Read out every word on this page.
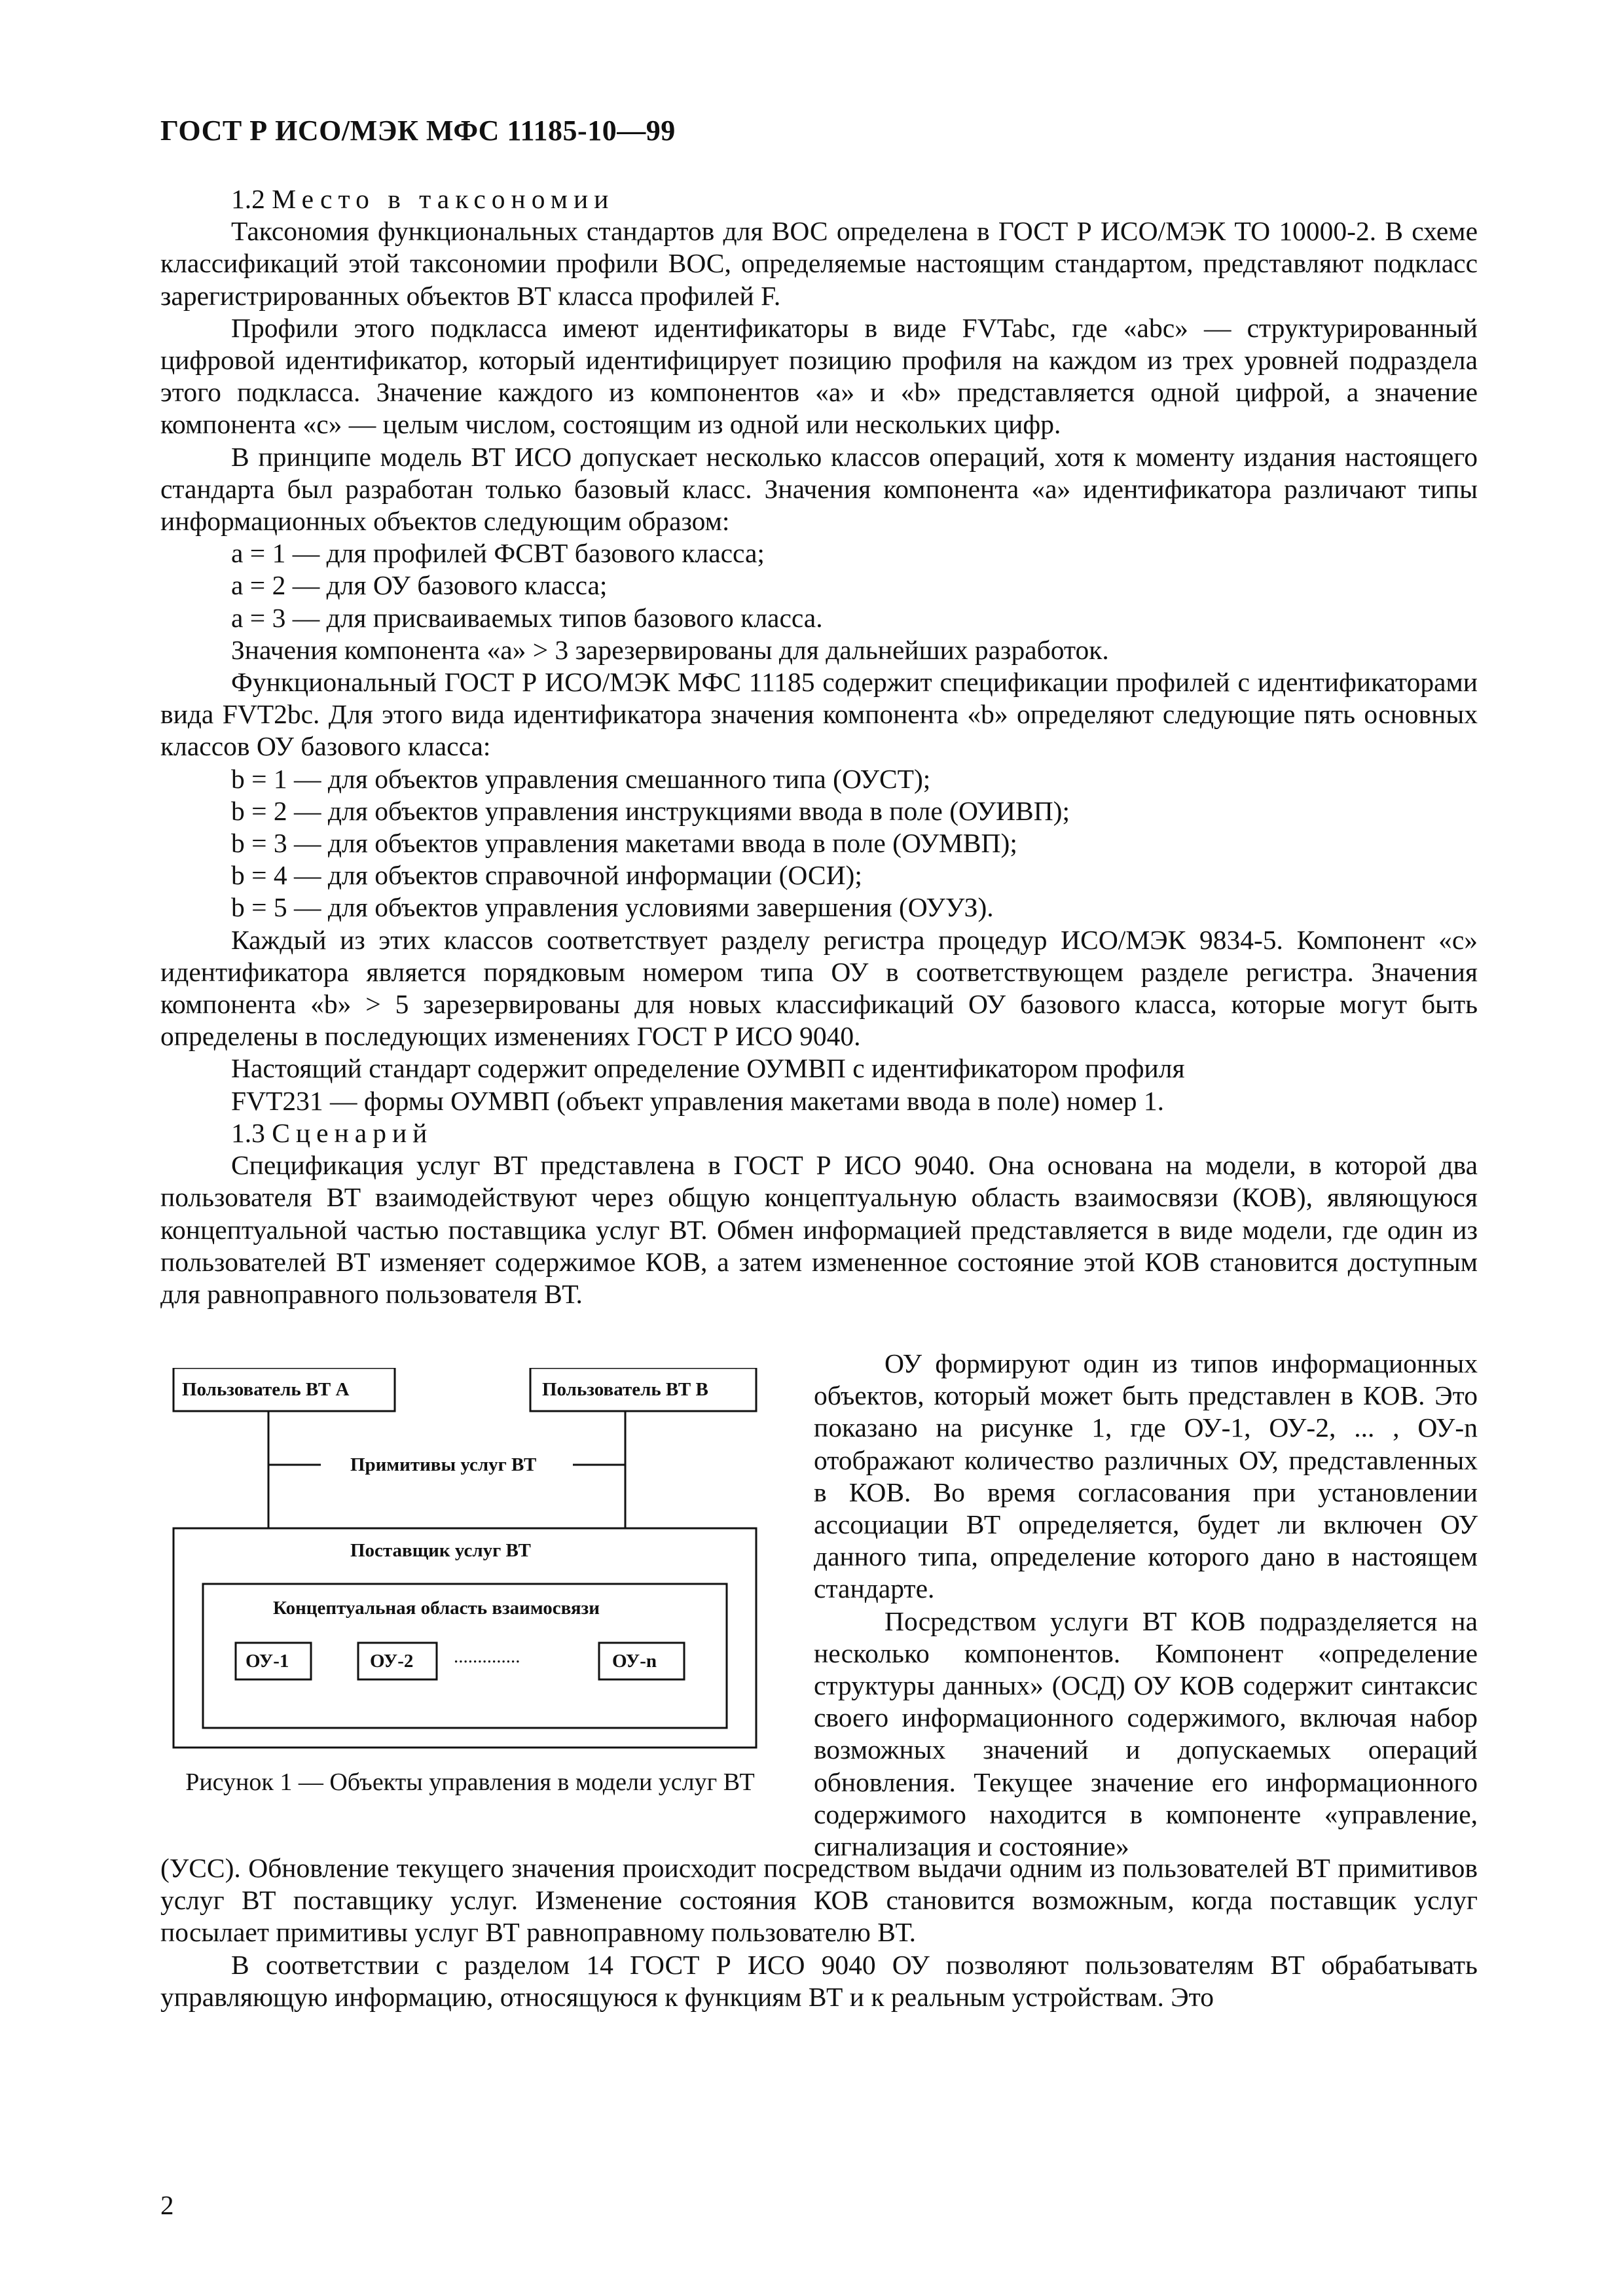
ГОСТ Р ИСО/МЭК МФС 11185-10—99

1.2 Место в таксономии

Таксономия функциональных стандартов для ВОС определена в ГОСТ Р ИСО/МЭК ТО 10000-2. В схеме классификаций этой таксономии профили ВОС, определяемые настоящим стандартом, представляют подкласс зарегистрированных объектов ВТ класса профилей F.

Профили этого подкласса имеют идентификаторы в виде FVTabc, где «abc» — структурированный цифровой идентификатор, который идентифицирует позицию профиля на каждом из трех уровней подраздела этого подкласса. Значение каждого из компонентов «a» и «b» представляется одной цифрой, а значение компонента «c» — целым числом, состоящим из одной или нескольких цифр.

В принципе модель ВТ ИСО допускает несколько классов операций, хотя к моменту издания настоящего стандарта был разработан только базовый класс. Значения компонента «a» идентификатора различают типы информационных объектов следующим образом:

a = 1 — для профилей ФСВТ базового класса;
a = 2 — для ОУ базового класса;
a = 3 — для присваиваемых типов базового класса.

Значения компонента «a» > 3 зарезервированы для дальнейших разработок.

Функциональный ГОСТ Р ИСО/МЭК МФС 11185 содержит спецификации профилей с идентификаторами вида FVT2bc. Для этого вида идентификатора значения компонента «b» определяют следующие пять основных классов ОУ базового класса:

b = 1 — для объектов управления смешанного типа (ОУСТ);
b = 2 — для объектов управления инструкциями ввода в поле (ОУИВП);
b = 3 — для объектов управления макетами ввода в поле (ОУМВП);
b = 4 — для объектов справочной информации (ОСИ);
b = 5 — для объектов управления условиями завершения (ОУУЗ).

Каждый из этих классов соответствует разделу регистра процедур ИСО/МЭК 9834-5. Компонент «c» идентификатора является порядковым номером типа ОУ в соответствующем разделе регистра. Значения компонента «b» > 5 зарезервированы для новых классификаций ОУ базового класса, которые могут быть определены в последующих изменениях ГОСТ Р ИСО 9040.

Настоящий стандарт содержит определение ОУМВП с идентификатором профиля

FVT231 — формы ОУМВП (объект управления макетами ввода в поле) номер 1.

1.3 Сценарий

Спецификация услуг ВТ представлена в ГОСТ Р ИСО 9040. Она основана на модели, в которой два пользователя ВТ взаимодействуют через общую концептуальную область взаимосвязи (КОВ), являющуюся концептуальной частью поставщика услуг ВТ. Обмен информацией представляется в виде модели, где один из пользователей ВТ изменяет содержимое КОВ, а затем измененное состояние этой КОВ становится доступным для равноправного пользователя ВТ.

Пользователь ВТ А	Пользователь ВТ В
Примитивы услуг ВТ
Поставщик услуг ВТ
Концептуальная область взаимосвязи
ОУ-1	ОУ-2 ..............	ОУ-n
Рисунок 1 — Объекты управления в модели услуг ВТ

ОУ формируют один из типов информационных объектов, который может быть представлен в КОВ. Это показано на рисунке 1, где ОУ-1, ОУ-2, ... , ОУ-n отображают количество различных ОУ, представленных в КОВ. Во время согласования при установлении ассоциации ВТ определяется, будет ли включен ОУ данного типа, определение которого дано в настоящем стандарте.

Посредством услуги ВТ КОВ подразделяется на несколько компонентов. Компонент «определение структуры данных» (ОСД) ОУ КОВ содержит синтаксис своего информационного содержимого, включая набор возможных значений и допускаемых операций обновления. Текущее значение его информационного содержимого находится в компоненте «управление, сигнализация и состояние»

(УСС). Обновление текущего значения происходит посредством выдачи одним из пользователей ВТ примитивов услуг ВТ поставщику услуг. Изменение состояния КОВ становится возможным, когда поставщик услуг посылает примитивы услуг ВТ равноправному пользователю ВТ.

В соответствии с разделом 14 ГОСТ Р ИСО 9040 ОУ позволяют пользователям ВТ обрабатывать управляющую информацию, относящуюся к функциям ВТ и к реальным устройствам. Это

2
